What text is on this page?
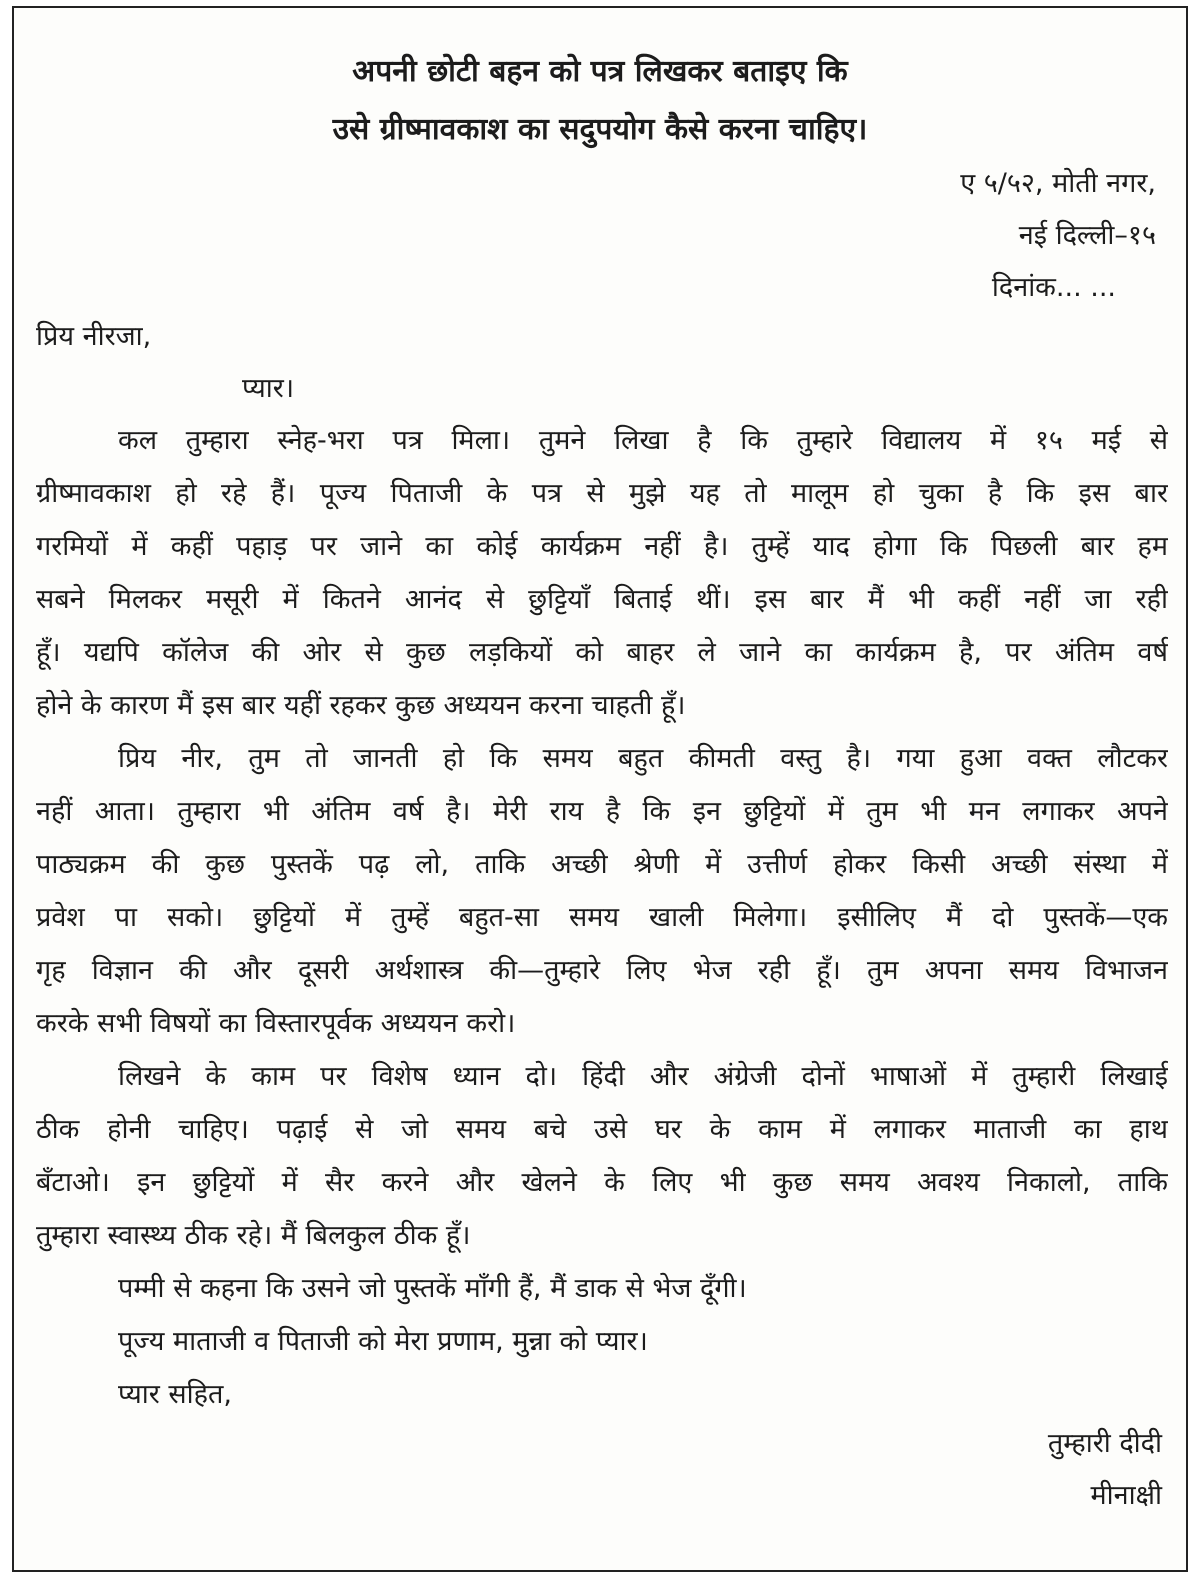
अपनी छोटी बहन को पत्र लिखकर बताइए कि
उसे ग्रीष्मावकाश का सदुपयोग कैसे करना चाहिए।
ए ५/५२, मोती नगर,
नई दिल्ली–१५
दिनांक... ...
प्रिय नीरजा,
प्यार।
कल तुम्हारा स्नेह-भरा पत्र मिला। तुमने लिखा है कि तुम्हारे विद्यालय में १५ मई से
ग्रीष्मावकाश हो रहे हैं। पूज्य पिताजी के पत्र से मुझे यह तो मालूम हो चुका है कि इस बार
गरमियों में कहीं पहाड़ पर जाने का कोई कार्यक्रम नहीं है। तुम्हें याद होगा कि पिछली बार हम
सबने मिलकर मसूरी में कितने आनंद से छुट्टियाँ बिताई थीं। इस बार मैं भी कहीं नहीं जा रही
हूँ। यद्यपि कॉलेज की ओर से कुछ लड़कियों को बाहर ले जाने का कार्यक्रम है, पर अंतिम वर्ष
होने के कारण मैं इस बार यहीं रहकर कुछ अध्ययन करना चाहती हूँ।
प्रिय नीर, तुम तो जानती हो कि समय बहुत कीमती वस्तु है। गया हुआ वक्त लौटकर
नहीं आता। तुम्हारा भी अंतिम वर्ष है। मेरी राय है कि इन छुट्टियों में तुम भी मन लगाकर अपने
पाठ्यक्रम की कुछ पुस्तकें पढ़ लो, ताकि अच्छी श्रेणी में उत्तीर्ण होकर किसी अच्छी संस्था में
प्रवेश पा सको। छुट्टियों में तुम्हें बहुत-सा समय खाली मिलेगा। इसीलिए मैं दो पुस्तकें—एक
गृह विज्ञान की और दूसरी अर्थशास्त्र की—तुम्हारे लिए भेज रही हूँ। तुम अपना समय विभाजन
करके सभी विषयों का विस्तारपूर्वक अध्ययन करो।
लिखने के काम पर विशेष ध्यान दो। हिंदी और अंग्रेजी दोनों भाषाओं में तुम्हारी लिखाई
ठीक होनी चाहिए। पढ़ाई से जो समय बचे उसे घर के काम में लगाकर माताजी का हाथ
बँटाओ। इन छुट्टियों में सैर करने और खेलने के लिए भी कुछ समय अवश्य निकालो, ताकि
तुम्हारा स्वास्थ्य ठीक रहे। मैं बिलकुल ठीक हूँ।
पम्मी से कहना कि उसने जो पुस्तकें माँगी हैं, मैं डाक से भेज दूँगी।
पूज्य माताजी व पिताजी को मेरा प्रणाम, मुन्ना को प्यार।
प्यार सहित,
तुम्हारी दीदी
मीनाक्षी
